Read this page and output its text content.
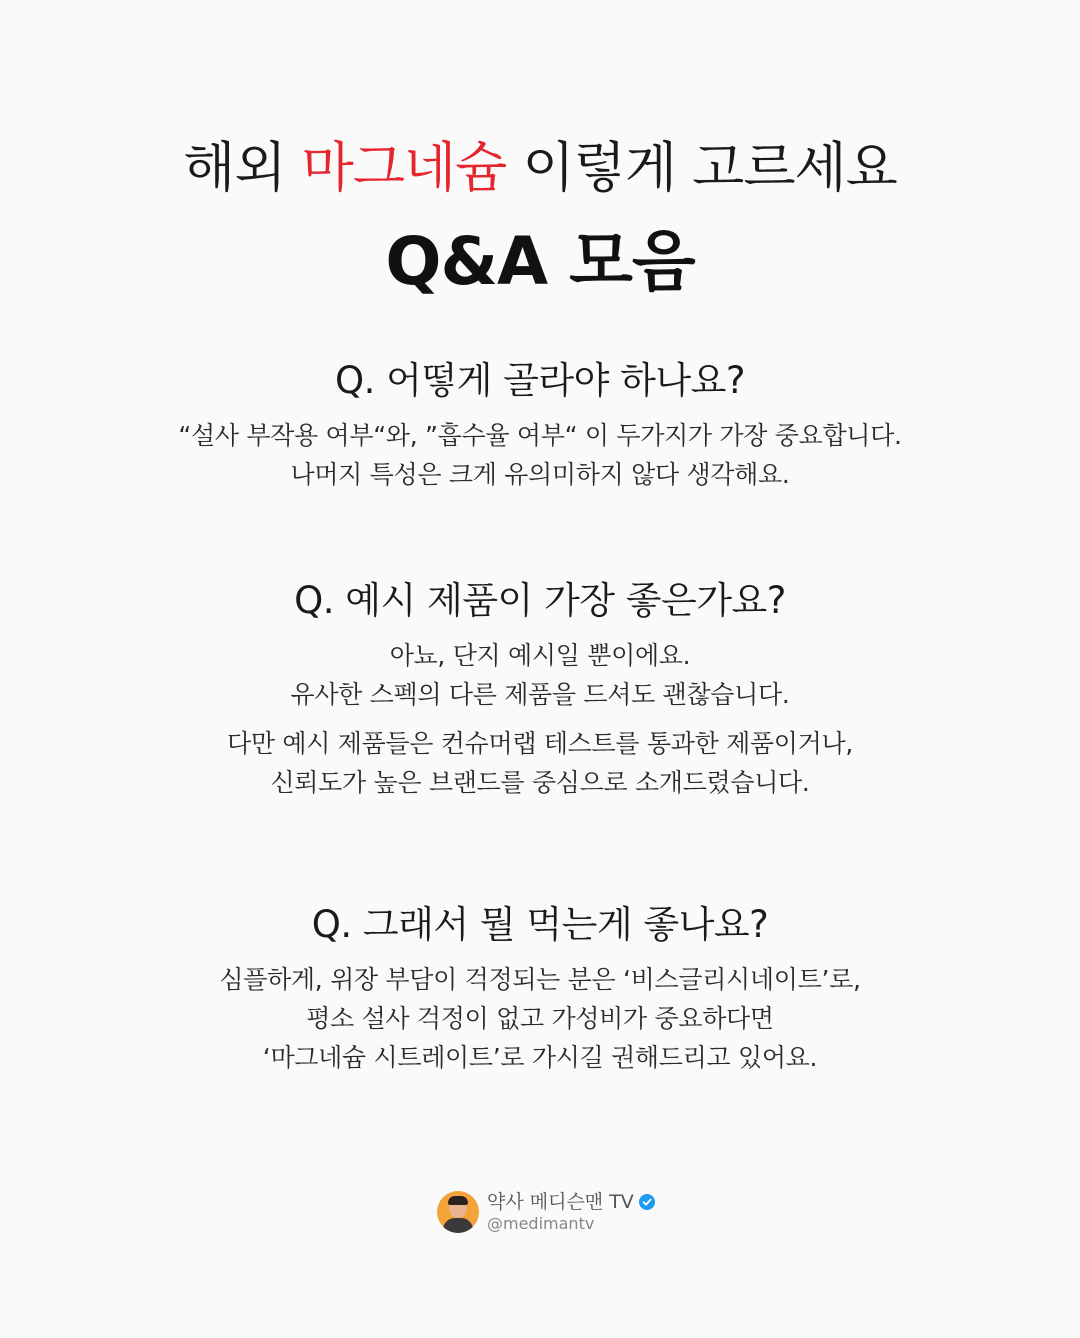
해외 마그네슘 이렇게 고르세요
Q&A 모음

Q. 어떻게 골라야 하나요?

“설사 부작용 여부“와, ”흡수율 여부“ 이 두가지가 가장 중요합니다.

나머지 특성은 크게 유의미하지 않다 생각해요.

Q. 예시 제품이 가장 좋은가요?

아뇨, 단지 예시일 뿐이에요.

유사한 스펙의 다른 제품을 드셔도 괜찮습니다.

다만 예시 제품들은 컨슈머랩 테스트를 통과한 제품이거나,

신뢰도가 높은 브랜드를 중심으로 소개드렸습니다.

Q. 그래서 뭘 먹는게 좋나요?

심플하게, 위장 부담이 걱정되는 분은 ‘비스글리시네이트’로,

평소 설사 걱정이 없고 가성비가 중요하다면

‘마그네슘 시트레이트’로 가시길 권해드리고 있어요.

약사 메디슨맨 TV
@medimantv
